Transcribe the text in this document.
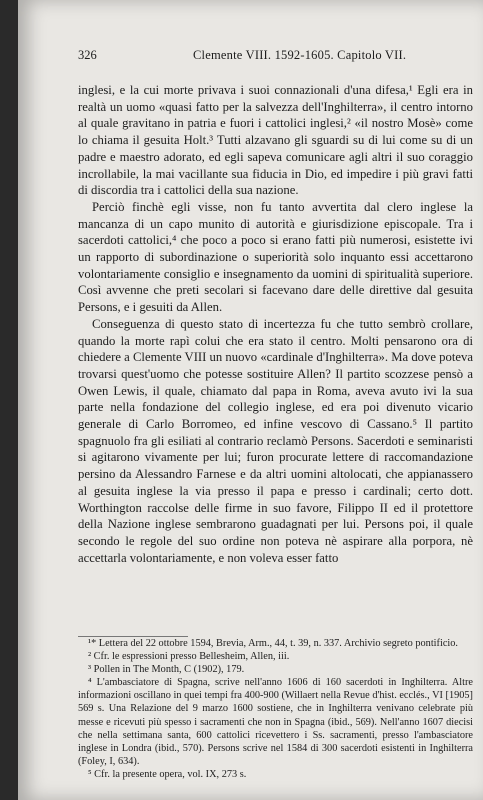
326	Clemente VIII. 1592-1605. Capitolo VII.

inglesi, e la cui morte privava i suoi connazionali d'una difesa,¹ Egli era in realtà un uomo «quasi fatto per la salvezza dell'Inghilterra», il centro intorno al quale gravitano in patria e fuori i cattolici inglesi,² «il nostro Mosè» come lo chiama il gesuita Holt.³ Tutti alzavano gli sguardi su di lui come su di un padre e maestro adorato, ed egli sapeva comunicare agli altri il suo coraggio incrollabile, la mai vacillante sua fiducia in Dio, ed impedire i più gravi fatti di discordia tra i cattolici della sua nazione.

Perciò finchè egli visse, non fu tanto avvertita dal clero inglese la mancanza di un capo munito di autorità e giurisdizione episcopale. Tra i sacerdoti cattolici,⁴ che poco a poco si erano fatti più numerosi, esistette ivi un rapporto di subordinazione o superiorità solo inquanto essi accettarono volontariamente consiglio e insegnamento da uomini di spiritualità superiore. Così avvenne che preti secolari si facevano dare delle direttive dal gesuita Persons, e i gesuiti da Allen.

Conseguenza di questo stato di incertezza fu che tutto sembrò crollare, quando la morte rapì colui che era stato il centro. Molti pensarono ora di chiedere a Clemente VIII un nuovo «cardinale d'Inghilterra». Ma dove poteva trovarsi quest'uomo che potesse sostituire Allen? Il partito scozzese pensò a Owen Lewis, il quale, chiamato dal papa in Roma, aveva avuto ivi la sua parte nella fondazione del collegio inglese, ed era poi divenuto vicario generale di Carlo Borromeo, ed infine vescovo di Cassano.⁵ Il partito spagnuolo fra gli esiliati al contrario reclamò Persons. Sacerdoti e seminaristi si agitarono vivamente per lui; furon procurate lettere di raccomandazione persino da Alessandro Farnese e da altri uomini altolocati, che appianassero al gesuita inglese la via presso il papa e presso i cardinali; certo dott. Worthington raccolse delle firme in suo favore, Filippo II ed il protettore della Nazione inglese sembrarono guadagnati per lui. Persons poi, il quale secondo le regole del suo ordine non poteva nè aspirare alla porpora, nè accettarla volontariamente, e non voleva esser fatto

¹* Lettera del 22 ottobre 1594, Brevia, Arm., 44, t. 39, n. 337. Archivio segreto pontificio.

² Cfr. le espressioni presso Bellesheim, Allen, iii.

³ Pollen in The Month, C (1902), 179.

⁴ L'ambasciatore di Spagna, scrive nell'anno 1606 di 160 sacerdoti in Inghilterra. Altre informazioni oscillano in quei tempi fra 400-900 (Willaert nella Revue d'hist. ecclés., VI [1905] 569 s. Una Relazione del 9 marzo 1600 sostiene, che in Inghilterra venivano celebrate più messe e ricevuti più spesso i sacramenti che non in Spagna (ibid., 569). Nell'anno 1607 diecisi che nella settimana santa, 600 cattolici ricevettero i Ss. sacramenti, presso l'ambasciatore inglese in Londra (ibid., 570). Persons scrive nel 1584 di 300 sacerdoti esistenti in Inghilterra (Foley, I, 634).

⁵ Cfr. la presente opera, vol. IX, 273 s.
